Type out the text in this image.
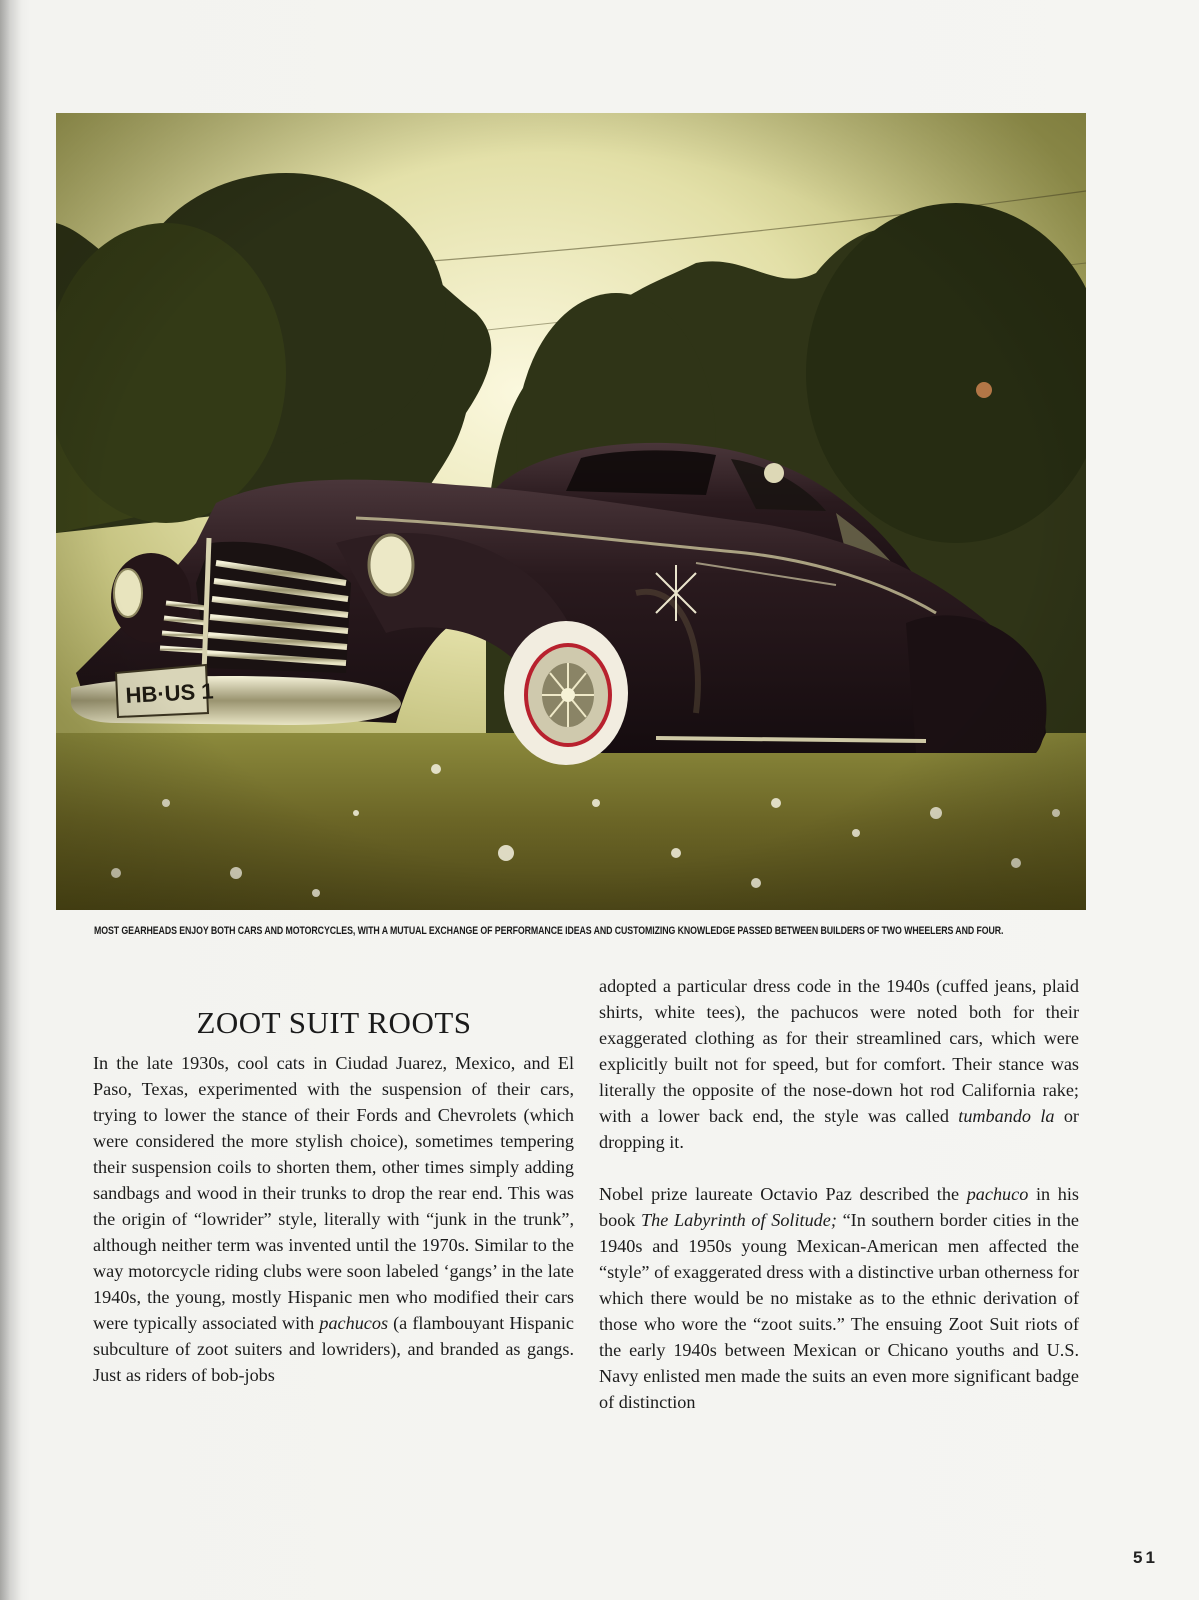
HB·US 1
MOST GEARHEADS ENJOY BOTH CARS AND MOTORCYCLES, WITH A MUTUAL EXCHANGE OF PERFORMANCE IDEAS AND CUSTOMIZING KNOWLEDGE PASSED BETWEEN BUILDERS OF TWO WHEELERS AND FOUR.
ZOOT SUIT ROOTS

In the late 1930s, cool cats in Ciudad Juarez, Mexico, and El Paso, Texas, experimented with the suspension of their cars, trying to lower the stance of their Fords and Chevrolets (which were considered the more stylish choice), sometimes tempering their suspension coils to shorten them, other times simply adding sandbags and wood in their trunks to drop the rear end. This was the origin of “lowrider” style, literally with “junk in the trunk”, although neither term was invented until the 1970s. Similar to the way motorcycle riding clubs were soon labeled ‘gangs’ in the late 1940s, the young, mostly Hispanic men who modified their cars were typically associated with pachucos (a flambouyant Hispanic subculture of zoot suiters and lowriders), and branded as gangs. Just as riders of bob-jobs

adopted a particular dress code in the 1940s (cuffed jeans, plaid shirts, white tees), the pachucos were noted both for their exaggerated clothing as for their streamlined cars, which were explicitly built not for speed, but for comfort. Their stance was literally the opposite of the nose-down hot rod California rake; with a lower back end, the style was called tumbando la or dropping it.

Nobel prize laureate Octavio Paz described the pachuco in his book The Labyrinth of Solitude; “In southern border cities in the 1940s and 1950s young Mexican-American men affected the “style” of exaggerated dress with a distinctive urban otherness for which there would be no mistake as to the ethnic derivation of those who wore the “zoot suits.” The ensuing Zoot Suit riots of the early 1940s between Mexican or Chicano youths and U.S. Navy enlisted men made the suits an even more significant badge of distinction

51
